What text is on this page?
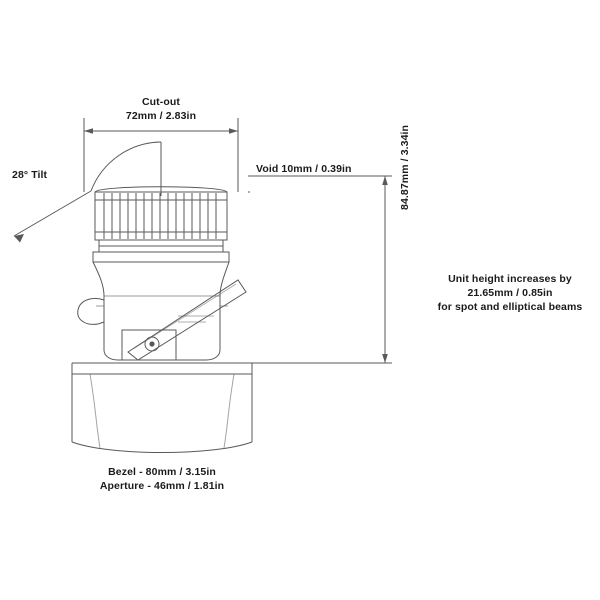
Cut-out
72mm / 2.83in
Void 10mm / 0.39in
28° Tilt	84.87mm / 3.34in
Unit height increases by
21.65mm / 0.85in
for spot and elliptical beams
Bezel - 80mm / 3.15in
Aperture - 46mm / 1.81in
